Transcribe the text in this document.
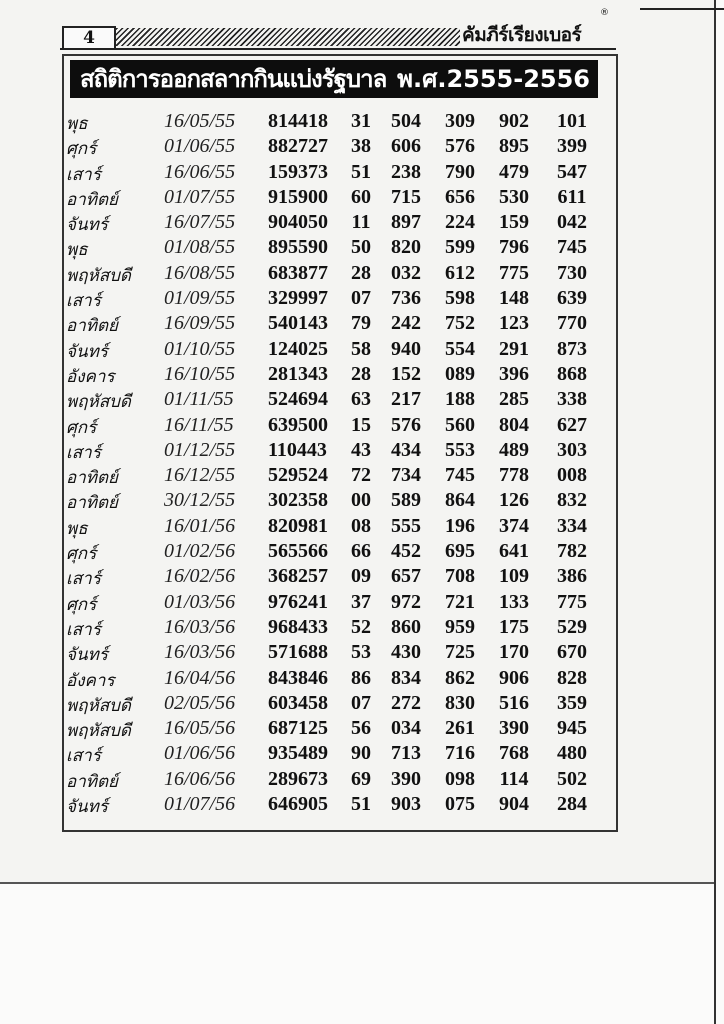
4	คัมภีร์เรียงเบอร์
®
สถิติการออกสลากกินแบ่งรัฐบาล พ.ศ.2555-2556
พุธ	16/05/55 814418	31	504	309	902	101
ศุกร์	01/06/55 882727	38	606	576	895	399
เสาร์	16/06/55 159373	51	238	790	479	547
อาทิตย์ 01/07/55 915900	60	715	656	530	611
จันทร์	16/07/55 904050	11	897	224	159	042
พุธ	01/08/55 895590	50	820	599	796	745
พฤหัสบดี 16/08/55 683877	28	032	612	775	730
เสาร์	01/09/55 329997	07	736	598	148	639
อาทิตย์ 16/09/55 540143	79	242	752	123	770
จันทร์	01/10/55 124025	58	940	554	291	873
อังคาร 16/10/55 281343	28	152	089	396	868
พฤหัสบดี 01/11/55 524694	63	217	188	285	338
ศุกร์	16/11/55 639500	15	576	560	804	627
เสาร์	01/12/55 110443	43	434	553	489	303
อาทิตย์ 16/12/55 529524	72	734	745	778	008
อาทิตย์ 30/12/55 302358	00	589	864	126	832
พุธ	16/01/56 820981	08	555	196	374	334
ศุกร์	01/02/56 565566	66	452	695	641	782
เสาร์	16/02/56 368257	09	657	708	109	386
ศุกร์	01/03/56 976241	37	972	721	133	775
เสาร์	16/03/56 968433	52	860	959	175	529
จันทร์	16/03/56 571688	53	430	725	170	670
อังคาร 16/04/56 843846	86	834	862	906	828
พฤหัสบดี 02/05/56 603458	07	272	830	516	359
พฤหัสบดี 16/05/56 687125	56	034	261	390	945
เสาร์	01/06/56 935489	90	713	716	768	480
อาทิตย์ 16/06/56 289673	69	390	098	114	502
จันทร์	01/07/56 646905	51	903	075	904	284
